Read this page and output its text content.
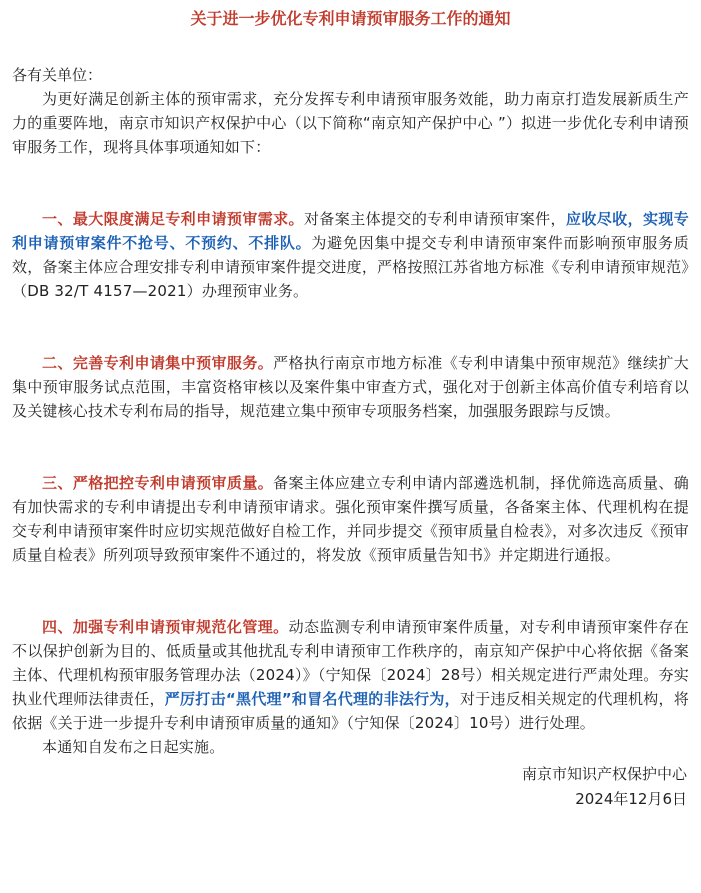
关于进一步优化专利申请预审服务工作的通知

各有关单位：

为更好满足创新主体的预审需求，充分发挥专利申请预审服务效能，助力南京打造发展新质生产力的重要阵地，南京市知识产权保护中心（以下简称“南京知产保护中心 ”）拟进一步优化专利申请预审服务工作，现将具体事项通知如下：

一、最大限度满足专利申请预审需求。对备案主体提交的专利申请预审案件，应收尽收，实现专利申请预审案件不抢号、不预约、不排队。为避免因集中提交专利申请预审案件而影响预审服务质效，备案主体应合理安排专利申请预审案件提交进度，严格按照江苏省地方标准《专利申请预审规范》（DB 32/T 4157—2021）办理预审业务。

二、完善专利申请集中预审服务。严格执行南京市地方标准《专利申请集中预审规范》继续扩大集中预审服务试点范围，丰富资格审核以及案件集中审查方式，强化对于创新主体高价值专利培育以及关键核心技术专利布局的指导，规范建立集中预审专项服务档案，加强服务跟踪与反馈。

三、严格把控专利申请预审质量。备案主体应建立专利申请内部遴选机制，择优筛选高质量、确有加快需求的专利申请提出专利申请预审请求。强化预审案件撰写质量，各备案主体、代理机构在提交专利申请预审案件时应切实规范做好自检工作，并同步提交《预审质量自检表》，对多次违反《预审质量自检表》所列项导致预审案件不通过的，将发放《预审质量告知书》并定期进行通报。

四、加强专利申请预审规范化管理。动态监测专利申请预审案件质量，对专利申请预审案件存在不以保护创新为目的、低质量或其他扰乱专利申请预审工作秩序的，南京知产保护中心将依据《备案主体、代理机构预审服务管理办法（2024）》（宁知保〔2024〕28号）相关规定进行严肃处理。夯实执业代理师法律责任，严厉打击“黑代理”和冒名代理的非法行为，对于违反相关规定的代理机构，将依据《关于进一步提升专利申请预审质量的通知》（宁知保〔2024〕10号）进行处理。

本通知自发布之日起实施。

南京市知识产权保护中心

2024年12月6日
